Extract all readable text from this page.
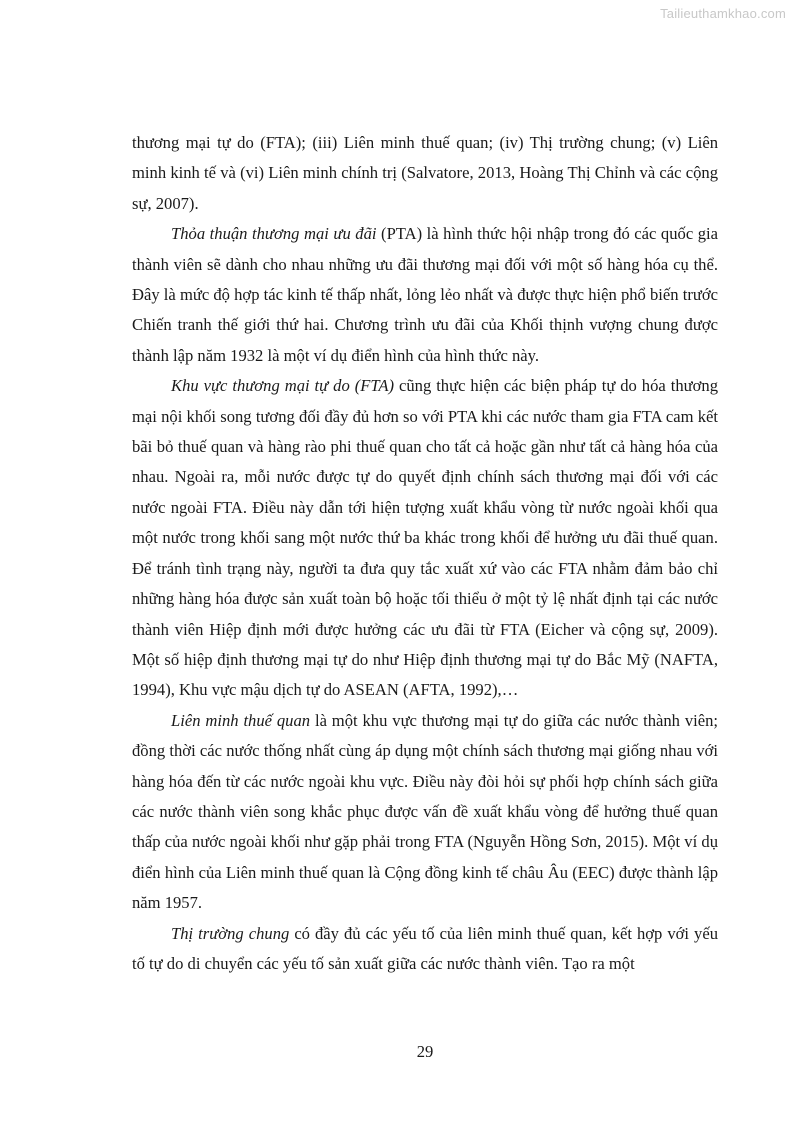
Tailieuthamkhao.com

thương mại tự do (FTA); (iii) Liên minh thuế quan; (iv) Thị trường chung; (v) Liên minh kinh tế và (vi) Liên minh chính trị (Salvatore, 2013, Hoàng Thị Chỉnh và các cộng sự, 2007).

Thỏa thuận thương mại ưu đãi (PTA) là hình thức hội nhập trong đó các quốc gia thành viên sẽ dành cho nhau những ưu đãi thương mại đối với một số hàng hóa cụ thể. Đây là mức độ hợp tác kinh tế thấp nhất, lỏng lẻo nhất và được thực hiện phổ biến trước Chiến tranh thế giới thứ hai. Chương trình ưu đãi của Khối thịnh vượng chung được thành lập năm 1932 là một ví dụ điển hình của hình thức này.

Khu vực thương mại tự do (FTA) cũng thực hiện các biện pháp tự do hóa thương mại nội khối song tương đối đầy đủ hơn so với PTA khi các nước tham gia FTA cam kết bãi bỏ thuế quan và hàng rào phi thuế quan cho tất cả hoặc gần như tất cả hàng hóa của nhau. Ngoài ra, mỗi nước được tự do quyết định chính sách thương mại đối với các nước ngoài FTA. Điều này dẫn tới hiện tượng xuất khẩu vòng từ nước ngoài khối qua một nước trong khối sang một nước thứ ba khác trong khối để hưởng ưu đãi thuế quan. Để tránh tình trạng này, người ta đưa quy tắc xuất xứ vào các FTA nhằm đảm bảo chỉ những hàng hóa được sản xuất toàn bộ hoặc tối thiểu ở một tỷ lệ nhất định tại các nước thành viên Hiệp định mới được hưởng các ưu đãi từ FTA (Eicher và cộng sự, 2009). Một số hiệp định thương mại tự do như Hiệp định thương mại tự do Bắc Mỹ (NAFTA, 1994), Khu vực mậu dịch tự do ASEAN (AFTA, 1992),…

Liên minh thuế quan là một khu vực thương mại tự do giữa các nước thành viên; đồng thời các nước thống nhất cùng áp dụng một chính sách thương mại giống nhau với hàng hóa đến từ các nước ngoài khu vực. Điều này đòi hỏi sự phối hợp chính sách giữa các nước thành viên song khắc phục được vấn đề xuất khẩu vòng để hưởng thuế quan thấp của nước ngoài khối như gặp phải trong FTA (Nguyễn Hồng Sơn, 2015). Một ví dụ điển hình của Liên minh thuế quan là Cộng đồng kinh tế châu Âu (EEC) được thành lập năm 1957.

Thị trường chung có đầy đủ các yếu tố của liên minh thuế quan, kết hợp với yếu tố tự do di chuyển các yếu tố sản xuất giữa các nước thành viên. Tạo ra một

29
